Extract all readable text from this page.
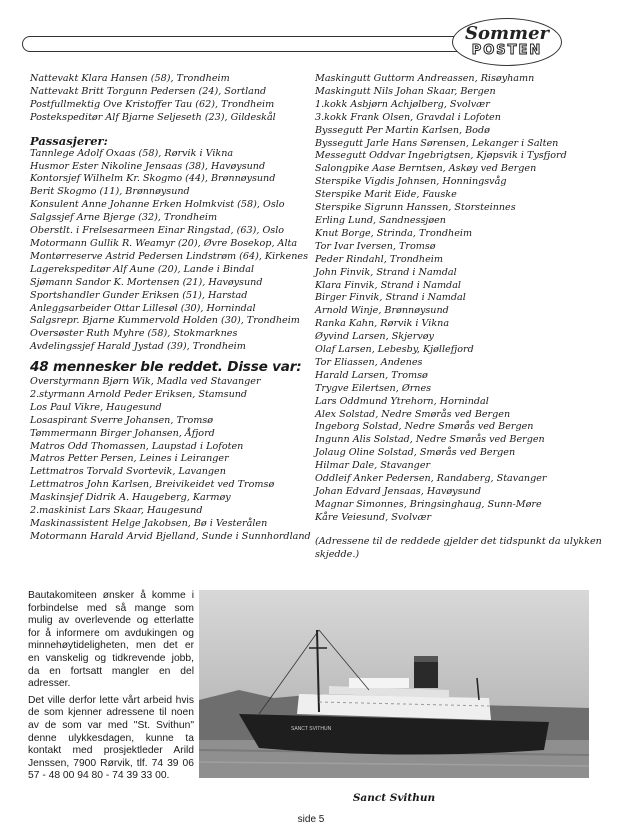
Sommer
POSTEN
Nattevakt Klara Hansen (58), Trondheim
Nattevakt Britt Torgunn Pedersen (24), Sortland
Postfullmektig Ove Kristoffer Tau (62), Trondheim
Postekspeditør Alf Bjarne Seljeseth (23), Gildeskål
Passasjerer:
Tannlege Adolf Oxaas (58), Rørvik i Vikna
Husmor Ester Nikoline Jensaas (38), Havøysund
Kontorsjef Wilhelm Kr. Skogmo (44), Brønnøysund
Berit Skogmo (11), Brønnøysund
Konsulent Anne Johanne Erken Holmkvist (58), Oslo
Salgssjef Arne Bjerge (32), Trondheim
Oberstlt. i Frelsesarmeen Einar Ringstad, (63), Oslo
Motormann Gullik R. Weamyr (20), Øvre Bosekop, Alta
Montørreserve Astrid Pedersen Lindstrøm (64), Kirkenes
Lagerekspeditør Alf Aune (20), Lande i Bindal
Sjømann Sandor K. Mortensen (21), Havøysund
Sportshandler Gunder Eriksen (51), Harstad
Anleggsarbeider Ottar Lillesøl (30), Hornindal
Salgsrepr. Bjarne Kummervold Holden (30), Trondheim
Oversøster Ruth Myhre (58), Stokmarknes
Avdelingssjef Harald Jystad (39), Trondheim
48 mennesker ble reddet. Disse var:
Overstyrmann Bjørn Wik, Madla ved Stavanger
2.styrmann Arnold Peder Eriksen, Stamsund
Los Paul Vikre, Haugesund
Losaspirant Sverre Johansen, Tromsø
Tømmermann Birger Johansen, Åfjord
Matros Odd Thomassen, Laupstad i Lofoten
Matros Petter Persen, Leines i Leiranger
Lettmatros Torvald Svortevik, Lavangen
Lettmatros John Karlsen, Breivikeidet ved Tromsø
Maskinsjef Didrik A. Haugeberg, Karmøy
2.maskinist Lars Skaar, Haugesund
Maskinassistent Helge Jakobsen, Bø i Vesterålen
Motormann Harald Arvid Bjelland, Sunde i Sunnhordland
Maskingutt Guttorm Andreassen, Risøyhamn
Maskingutt Nils Johan Skaar, Bergen
1.kokk Asbjørn Achjølberg, Svolvær
3.kokk Frank Olsen, Gravdal i Lofoten
Byssegutt Per Martin Karlsen, Bodø
Byssegutt Jarle Hans Sørensen, Lekanger i Salten
Messegutt Oddvar Ingebrigtsen, Kjøpsvik i Tysfjord
Salongpike Aase Berntsen, Askøy ved Bergen
Sterspike Vigdis Johnsen, Honningsvåg
Sterspike Marit Eide, Fauske
Sterspike Sigrunn Hanssen, Storsteinnes
Erling Lund, Sandnessjøen
Knut Borge, Strinda, Trondheim
Tor Ivar Iversen, Tromsø
Peder Rindahl, Trondheim
John Finvik, Strand i Namdal
Klara Finvik, Strand i Namdal
Birger Finvik, Strand i Namdal
Arnold Winje, Brønnøysund
Ranka Kahn, Rørvik i Vikna
Øyvind Larsen, Skjervøy
Olaf Larsen, Lebesby, Kjøllefjord
Tor Eliassen, Andenes
Harald Larsen, Tromsø
Trygve Eilertsen, Ørnes
Lars Oddmund Ytrehorn, Hornindal
Alex Solstad, Nedre Smørås ved Bergen
Ingeborg Solstad, Nedre Smørås ved Bergen
Ingunn Alis Solstad, Nedre Smørås ved Bergen
Jolaug Oline Solstad, Smørås ved Bergen
Hilmar Dale, Stavanger
Oddleif Anker Pedersen, Randaberg, Stavanger
Johan Edvard Jensaas, Havøysund
Magnar Simonnes, Bringsinghaug, Sunn-Møre
Kåre Veiesund, Svolvær
(Adressene til de reddede gjelder det tidspunkt da ulykken skjedde.)

Bautakomiteen ønsker å komme i forbindelse med så mange som mulig av overlevende og etterlatte for å informere om avdukingen og minnehøytideligheten, men det er en vanskelig og tidkrevende jobb, da en fortsatt mangler en del adresser.

Det ville derfor lette vårt arbeid hvis de som kjenner adressene til noen av de som var med "St. Svithun" denne ulykkesdagen, kunne ta kontakt med prosjektleder Arild Jenssen, 7900 Rørvik, tlf. 74 39 06 57 - 48 00 94 80 - 74 39 33 00.

SANCT SVITHUN
Sanct Svithun
side 5
